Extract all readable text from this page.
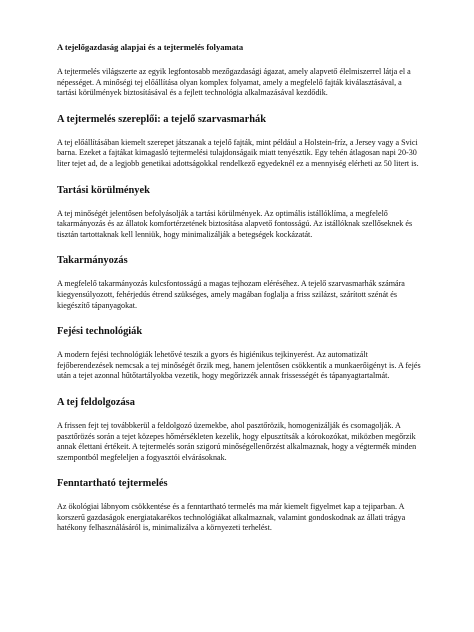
A tejelőgazdaság alapjai és a tejtermelés folyamata

A tejtermelés világszerte az egyik legfontosabb mezőgazdasági ágazat, amely alapvető élelmiszerrel látja el a népességet. A minőségi tej előállítása olyan komplex folyamat, amely a megfelelő fajták kiválasztásával, a tartási körülmények biztosításával és a fejlett technológia alkalmazásával kezdődik.

A tejtermelés szereplői: a tejelő szarvasmarhák

A tej előállításában kiemelt szerepet játszanak a tejelő fajták, mint például a Holstein-fríz, a Jersey vagy a Svici barna. Ezeket a fajtákat kimagasló tejtermelési tulajdonságaik miatt tenyésztik. Egy tehén átlagosan napi 20-30 liter tejet ad, de a legjobb genetikai adottságokkal rendelkező egyedeknél ez a mennyiség elérheti az 50 litert is.

Tartási körülmények

A tej minőségét jelentősen befolyásolják a tartási körülmények. Az optimális istállóklíma, a megfelelő takarmányozás és az állatok komfortérzetének biztosítása alapvető fontosságú. Az istállóknak szellőseknek és tisztán tartottaknak kell lenniük, hogy minimalizálják a betegségek kockázatát.

Takarmányozás

A megfelelő takarmányozás kulcsfontosságú a magas tejhozam eléréséhez. A tejelő szarvasmarhák számára kiegyensúlyozott, fehérjedús étrend szükséges, amely magában foglalja a friss szilázst, szárított szénát és kiegészítő tápanyagokat.

Fejési technológiák

A modern fejési technológiák lehetővé teszik a gyors és higiénikus tejkinyerést. Az automatizált fejőberendezések nemcsak a tej minőségét őrzik meg, hanem jelentősen csökkentik a munkaerőigényt is. A fejés után a tejet azonnal hűtőtartályokba vezetik, hogy megőrizzék annak frissességét és tápanyagtartalmát.

A tej feldolgozása

A frissen fejt tej továbbkerül a feldolgozó üzemekbe, ahol pasztőrözik, homogenizálják és csomagolják. A pasztőrözés során a tejet közepes hőmérsékleten kezelik, hogy elpusztítsák a kórokozókat, miközben megőrzik annak élettani értékeit. A tejtermelés során szigorú minőségellenőrzést alkalmaznak, hogy a végtermék minden szempontból megfeleljen a fogyasztói elvárásoknak.

Fenntartható tejtermelés

Az ökológiai lábnyom csökkentése és a fenntartható termelés ma már kiemelt figyelmet kap a tejiparban. A korszerű gazdaságok energiatakarékos technológiákat alkalmaznak, valamint gondoskodnak az állati trágya hatékony felhasználásáról is, minimalizálva a környezeti terhelést.
